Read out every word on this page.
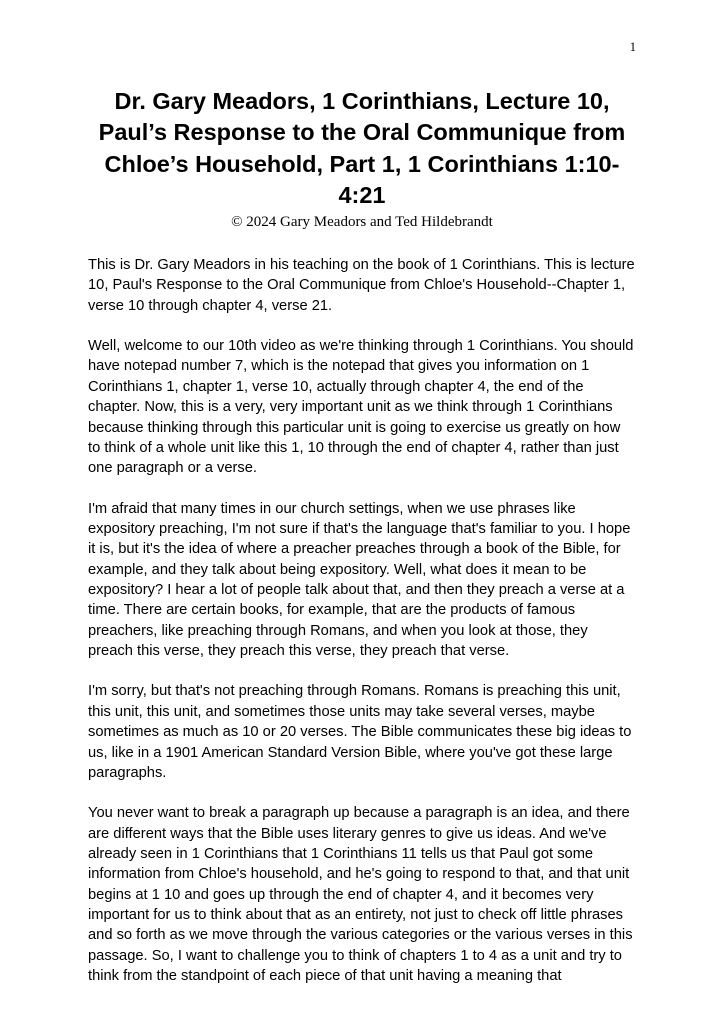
1
Dr. Gary Meadors, 1 Corinthians, Lecture 10, Paul’s Response to the Oral Communique from Chloe’s Household, Part 1, 1 Corinthians 1:10-4:21
© 2024 Gary Meadors and Ted Hildebrandt

This is Dr. Gary Meadors in his teaching on the book of 1 Corinthians. This is lecture 10, Paul's Response to the Oral Communique from Chloe's Household--Chapter 1, verse 10 through chapter 4, verse 21.

Well, welcome to our 10th video as we're thinking through 1 Corinthians. You should have notepad number 7, which is the notepad that gives you information on 1 Corinthians 1, chapter 1, verse 10, actually through chapter 4, the end of the chapter. Now, this is a very, very important unit as we think through 1 Corinthians because thinking through this particular unit is going to exercise us greatly on how to think of a whole unit like this 1, 10 through the end of chapter 4, rather than just one paragraph or a verse.

I'm afraid that many times in our church settings, when we use phrases like expository preaching, I'm not sure if that's the language that's familiar to you. I hope it is, but it's the idea of where a preacher preaches through a book of the Bible, for example, and they talk about being expository. Well, what does it mean to be expository? I hear a lot of people talk about that, and then they preach a verse at a time. There are certain books, for example, that are the products of famous preachers, like preaching through Romans, and when you look at those, they preach this verse, they preach this verse, they preach that verse.

I'm sorry, but that's not preaching through Romans. Romans is preaching this unit, this unit, this unit, and sometimes those units may take several verses, maybe sometimes as much as 10 or 20 verses. The Bible communicates these big ideas to us, like in a 1901 American Standard Version Bible, where you've got these large paragraphs.

You never want to break a paragraph up because a paragraph is an idea, and there are different ways that the Bible uses literary genres to give us ideas. And we've already seen in 1 Corinthians that 1 Corinthians 11 tells us that Paul got some information from Chloe's household, and he's going to respond to that, and that unit begins at 1 10 and goes up through the end of chapter 4, and it becomes very important for us to think about that as an entirety, not just to check off little phrases and so forth as we move through the various categories or the various verses in this passage. So, I want to challenge you to think of chapters 1 to 4 as a unit and try to think from the standpoint of each piece of that unit having a meaning that
